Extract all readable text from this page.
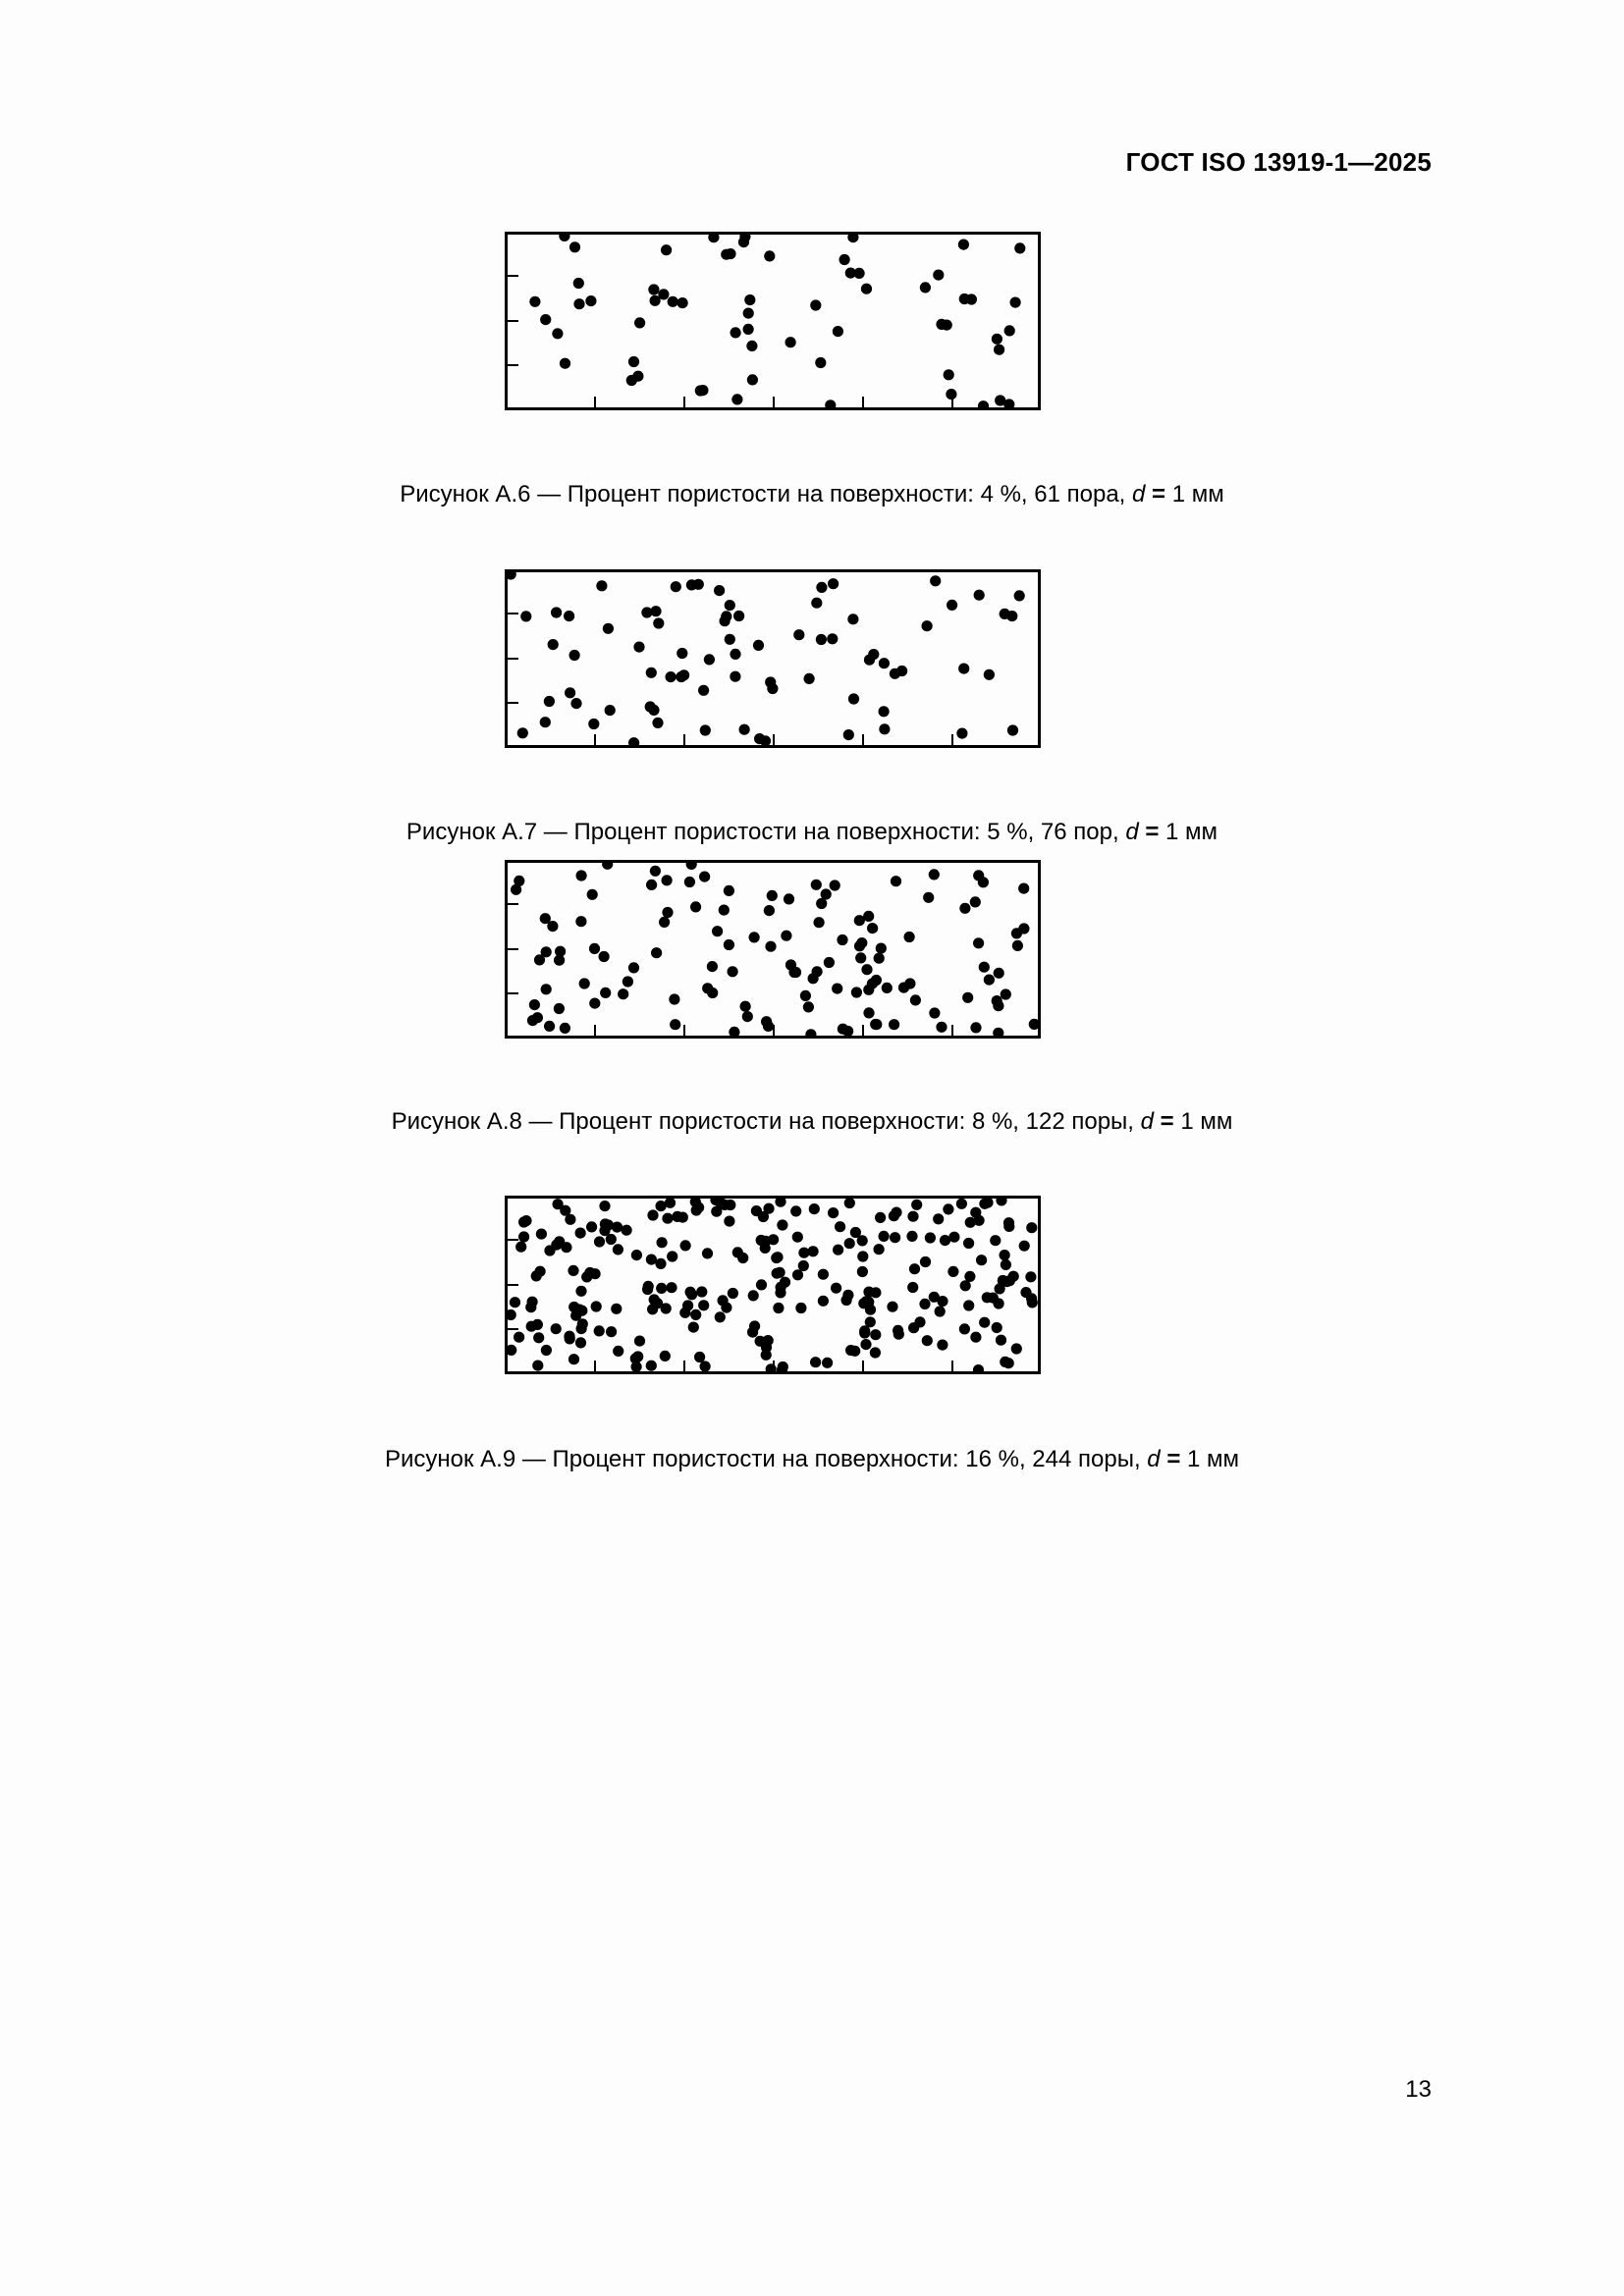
ГОСТ ISO 13919-1—2025
Рисунок А.6 — Процент пористости на поверхности: 4 %, 61 пора, d = 1 мм
Рисунок А.7 — Процент пористости на поверхности: 5 %, 76 пор, d = 1 мм
Рисунок А.8 — Процент пористости на поверхности: 8 %, 122 поры, d = 1 мм
Рисунок А.9 — Процент пористости на поверхности: 16 %, 244 поры, d = 1 мм
13
